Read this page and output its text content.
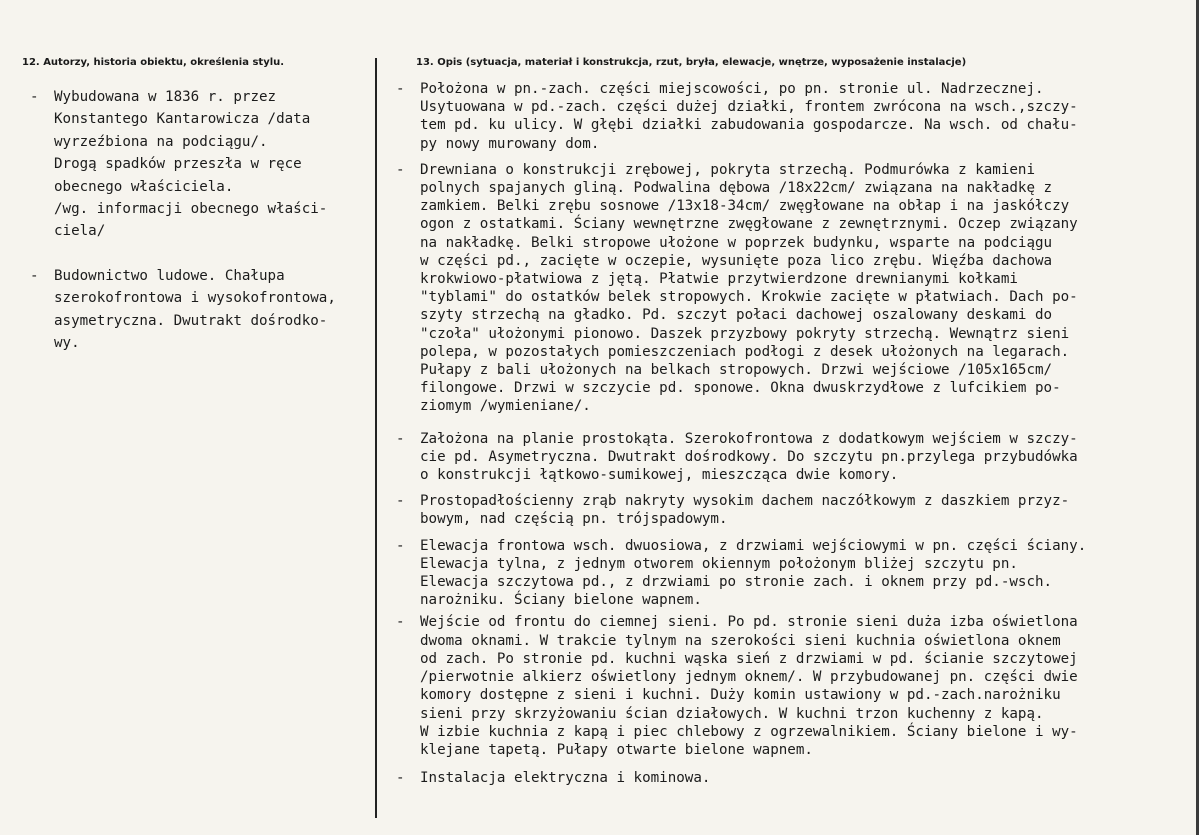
12. Autorzy, historia obiektu, określenia stylu.	13. Opis (sytuacja, materiał i konstrukcja, rzut, bryła, elewacje, wnętrze, wyposażenie instalacje)
- Wybudowana w 1836 r. przez
Konstantego Kantarowicza /data
wyrzeźbiona na podciągu/.
Drogą spadków przeszła w ręce
obecnego właściciela.
/wg. informacji obecnego właści-
ciela/
- Budownictwo ludowe. Chałupa
szerokofrontowa i wysokofrontowa,
asymetryczna. Dwutrakt dośrodko-
wy.
- Położona w pn.-zach. części miejscowości, po pn. stronie ul. Nadrzecznej.
Usytuowana w pd.-zach. części dużej działki, frontem zwrócona na wsch.,szczy-
tem pd. ku ulicy. W głębi działki zabudowania gospodarcze. Na wsch. od chału-
py nowy murowany dom.
- Drewniana o konstrukcji zrębowej, pokryta strzechą. Podmurówka z kamieni
polnych spajanych gliną. Podwalina dębowa /18x22cm/ związana na nakładkę z
zamkiem. Belki zrębu sosnowe /13x18-34cm/ zwęgłowane na obłap i na jaskółczy
ogon z ostatkami. Ściany wewnętrzne zwęgłowane z zewnętrznymi. Oczep związany
na nakładkę. Belki stropowe ułożone w poprzek budynku, wsparte na podciągu
w części pd., zacięte w oczepie, wysunięte poza lico zrębu. Więźba dachowa
krokwiowo-płatwiowa z jętą. Płatwie przytwierdzone drewnianymi kołkami
"tyblami" do ostatków belek stropowych. Krokwie zacięte w płatwiach. Dach po-
szyty strzechą na gładko. Pd. szczyt połaci dachowej oszalowany deskami do
"czoła" ułożonymi pionowo. Daszek przyzbowy pokryty strzechą. Wewnątrz sieni
polepa, w pozostałych pomieszczeniach podłogi z desek ułożonych na legarach.
Pułapy z bali ułożonych na belkach stropowych. Drzwi wejściowe /105x165cm/
filongowe. Drzwi w szczycie pd. sponowe. Okna dwuskrzydłowe z lufcikiem po-
ziomym /wymieniane/.
- Założona na planie prostokąta. Szerokofrontowa z dodatkowym wejściem w szczy-
cie pd. Asymetryczna. Dwutrakt dośrodkowy. Do szczytu pn.przylega przybudówka
o konstrukcji łątkowo-sumikowej, mieszcząca dwie komory.
- Prostopadłościenny zrąb nakryty wysokim dachem naczółkowym z daszkiem przyz-
bowym, nad częścią pn. trójspadowym.
- Elewacja frontowa wsch. dwuosiowa, z drzwiami wejściowymi w pn. części ściany.
Elewacja tylna, z jednym otworem okiennym położonym bliżej szczytu pn.
Elewacja szczytowa pd., z drzwiami po stronie zach. i oknem przy pd.-wsch.
narożniku. Ściany bielone wapnem.
- Wejście od frontu do ciemnej sieni. Po pd. stronie sieni duża izba oświetlona
dwoma oknami. W trakcie tylnym na szerokości sieni kuchnia oświetlona oknem
od zach. Po stronie pd. kuchni wąska sień z drzwiami w pd. ścianie szczytowej
/pierwotnie alkierz oświetlony jednym oknem/. W przybudowanej pn. części dwie
komory dostępne z sieni i kuchni. Duży komin ustawiony w pd.-zach.narożniku
sieni przy skrzyżowaniu ścian działowych. W kuchni trzon kuchenny z kapą.
W izbie kuchnia z kapą i piec chlebowy z ogrzewalnikiem. Ściany bielone i wy-
klejane tapetą. Pułapy otwarte bielone wapnem.
- Instalacja elektryczna i kominowa.
